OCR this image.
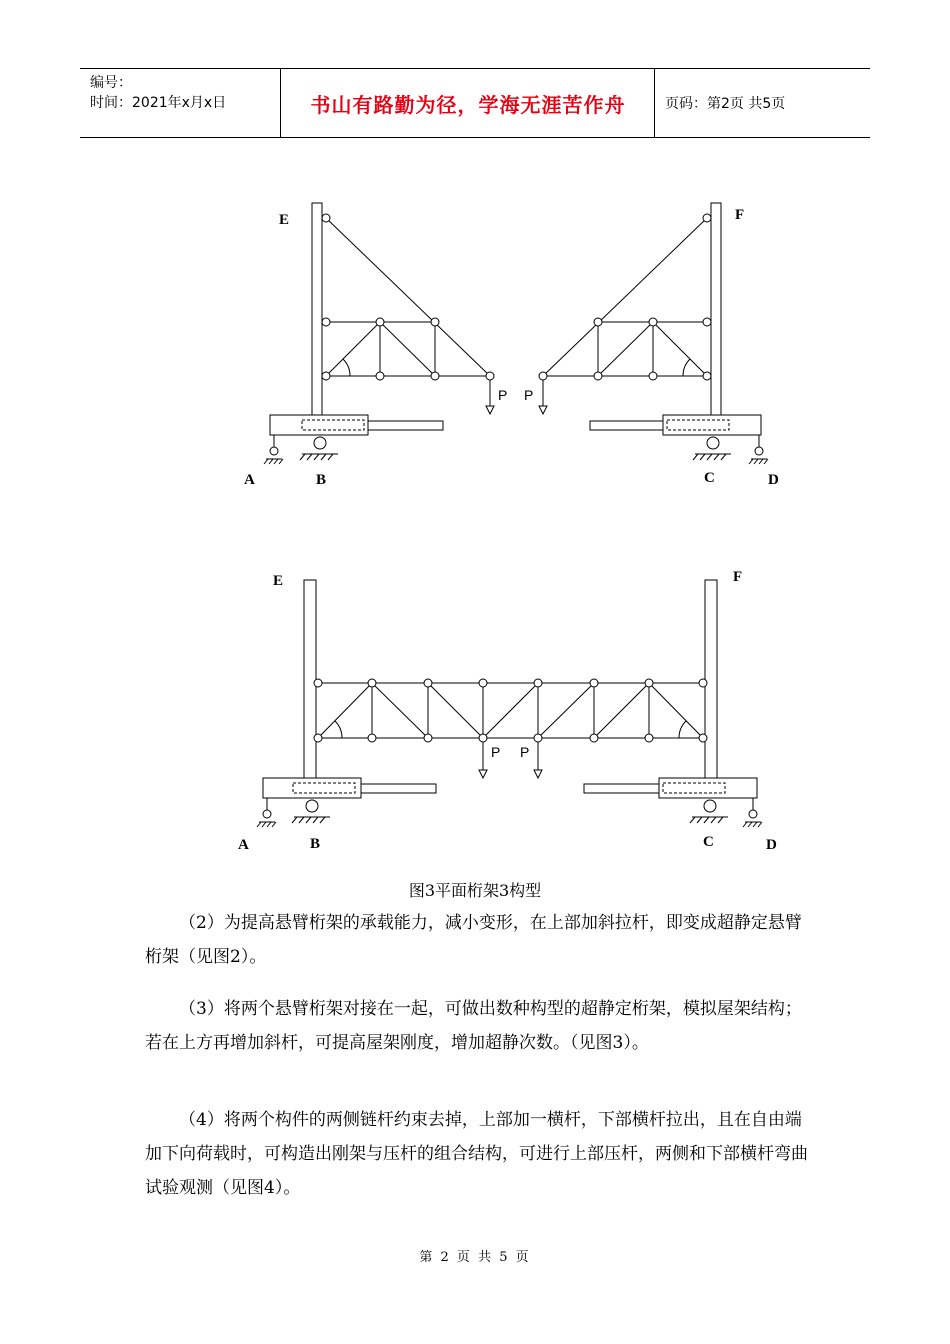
编号：
时间：2021年x月x日	书山有路勤为径，学海无涯苦作舟	页码：第2页 共5页
E	F
A	B	C	D
P P
E	F
A	B	C	D
P P
图3平面桁架3构型
（2）为提高悬臂桁架的承载能力，减小变形，在上部加斜拉杆，即变成超静定悬臂桁架（见图2）。
（3）将两个悬臂桁架对接在一起，可做出数种构型的超静定桁架，模拟屋架结构；若在上方再增加斜杆，可提高屋架刚度，增加超静次数。（见图3）。
（4）将两个构件的两侧链杆约束去掉，上部加一横杆，下部横杆拉出，且在自由端加下向荷载时，可构造出刚架与压杆的组合结构，可进行上部压杆，两侧和下部横杆弯曲试验观测（见图4）。
第 2 页 共 5 页
